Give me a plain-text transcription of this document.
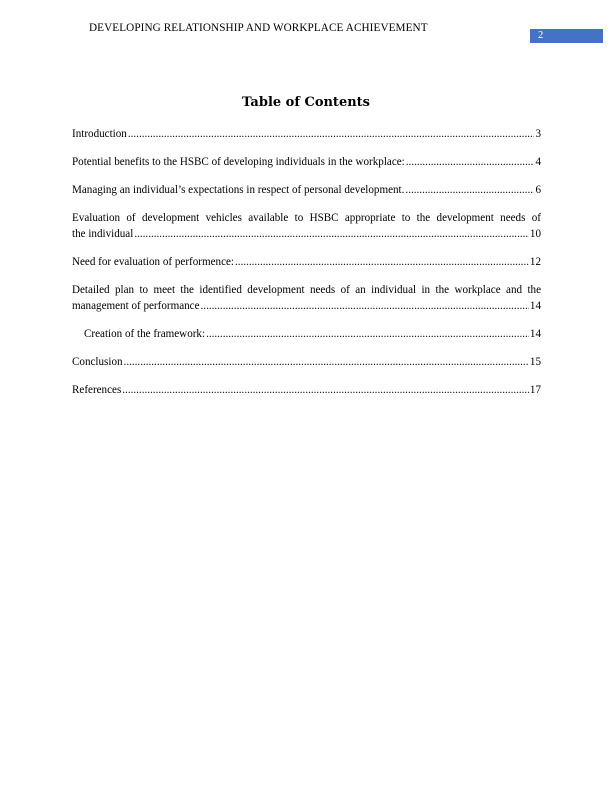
DEVELOPING RELATIONSHIP AND WORKPLACE ACHIEVEMENT
2
Table of Contents
Introduction .....	3
Potential benefits to the HSBC of developing individuals in the workplace: .....	4
Managing an individual’s expectations in respect of personal development. .....	6
Evaluation of development vehicles available to HSBC appropriate to the development needs of
the individual .....	10
Need for evaluation of performence: .....	12
Detailed plan to meet the identified development needs of an individual in the workplace and the
management of performance .....	14
Creation of the framework: .....	14
Conclusion .....	15
References .....	17
